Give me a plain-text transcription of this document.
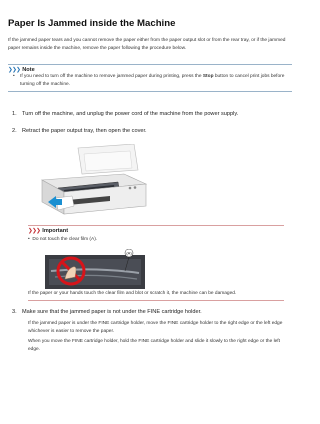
Paper Is Jammed inside the Machine
If the jammed paper tears and you cannot remove the paper either from the paper output slot or from the rear tray, or if the jammed paper remains inside the machine, remove the paper following the procedure below.
❯❯❯ Note
• If you need to turn off the machine to remove jammed paper during printing, press the Stop button to cancel print jobs before turning off the machine.
1. Turn off the machine, and unplug the power cord of the machine from the power supply.
2. Retract the paper output tray, then open the cover.
❯❯❯ Important
• Do not touch the clear film (A).
(A)
If the paper or your hands touch the clear film and blot or scratch it, the machine can be damaged.
3. Make sure that the jammed paper is not under the FINE cartridge holder.
If the jammed paper is under the FINE cartridge holder, move the FINE cartridge holder to the right edge or the left edge whichever is easier to remove the paper.
When you move the FINE cartridge holder, hold the FINE cartridge holder and slide it slowly to the right edge or the left edge.
